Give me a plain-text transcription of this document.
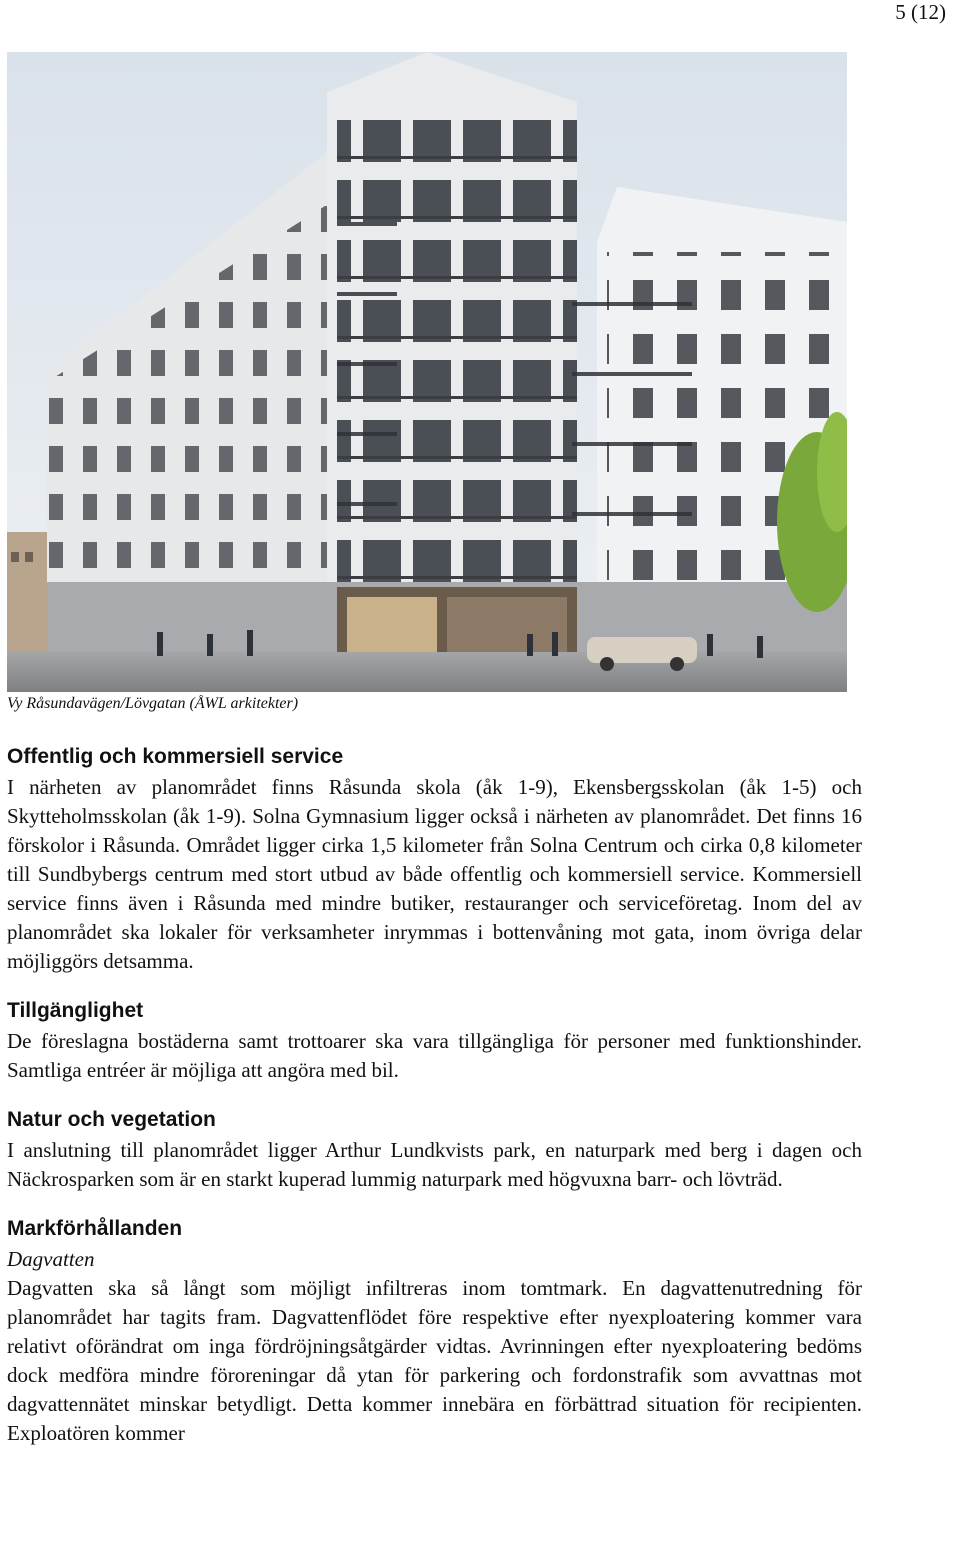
5 (12)
Vy Råsundavägen/Lövgatan (ÅWL arkitekter)
Offentlig och kommersiell service

I närheten av planområdet finns Råsunda skola (åk 1-9), Ekensbergsskolan (åk 1-5) och Skytteholmsskolan (åk 1-9). Solna Gymnasium ligger också i närheten av planområdet. Det finns 16 förskolor i Råsunda. Området ligger cirka 1,5 kilometer från Solna Centrum och cirka 0,8 kilometer till Sundbybergs centrum med stort utbud av både offentlig och kommersiell service. Kommersiell service finns även i Råsunda med mindre butiker, restauranger och serviceföretag. Inom del av planområdet ska lokaler för verksamheter inrymmas i bottenvåning mot gata, inom övriga delar möjliggörs detsamma.

Tillgänglighet

De föreslagna bostäderna samt trottoarer ska vara tillgängliga för personer med funktionshinder. Samtliga entréer är möjliga att angöra med bil.

Natur och vegetation

I anslutning till planområdet ligger Arthur Lundkvists park, en naturpark med berg i dagen och Näckrosparken som är en starkt kuperad lummig naturpark med högvuxna barr- och lövträd.

Markförhållanden
Dagvatten

Dagvatten ska så långt som möjligt infiltreras inom tomtmark. En dagvattenutredning för planområdet har tagits fram. Dagvattenflödet före respektive efter nyexploatering kommer vara relativt oförändrat om inga fördröjningsåtgärder vidtas. Avrinningen efter nyexploatering bedöms dock medföra mindre föroreningar då ytan för parkering och fordonstrafik som avvattnas mot dagvattennätet minskar betydligt. Detta kommer innebära en förbättrad situation för recipienten. Exploatören kommer
